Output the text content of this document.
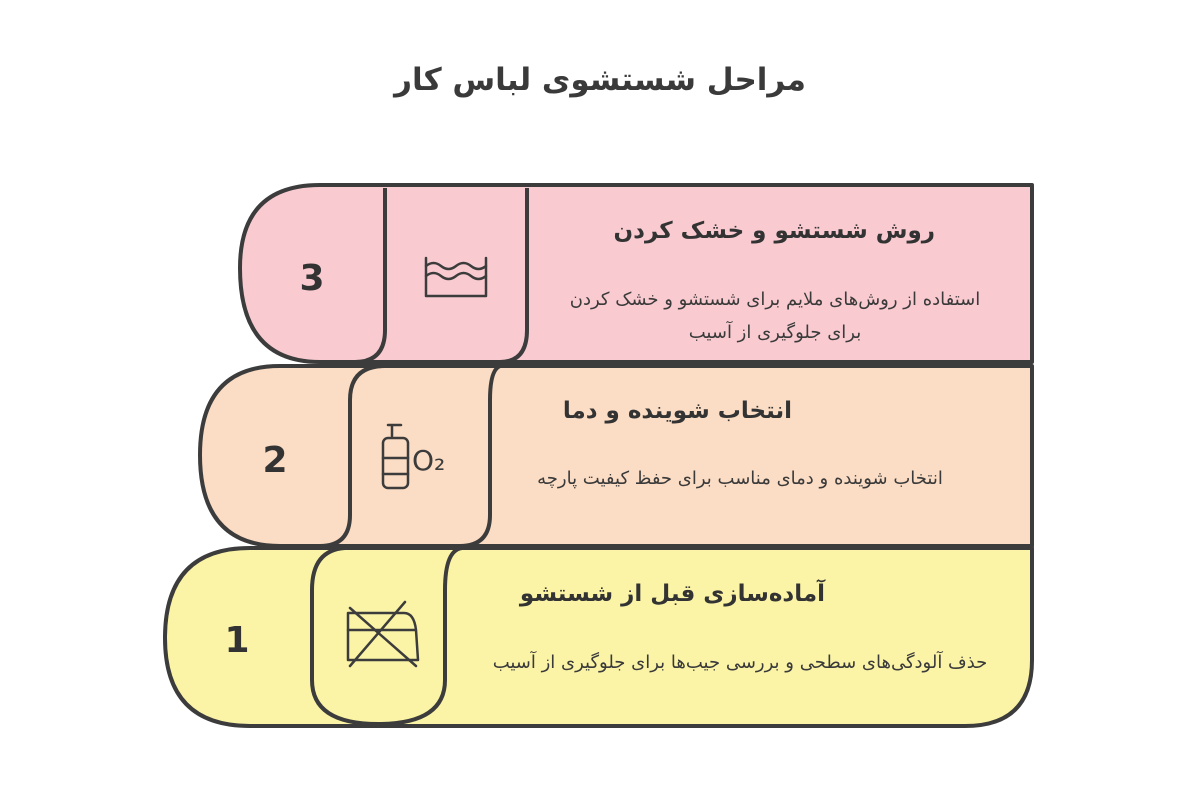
O₂
مراحل شستشوی لباس کار
3
روش شستشو و خشک کردن
استفاده از روش‌های ملایم برای شستشو و خشک کردن برای جلوگیری از آسیب
2
انتخاب شوینده و دما
انتخاب شوینده و دمای مناسب برای حفظ کیفیت پارچه
1
آماده‌سازی قبل از شستشو
حذف آلودگی‌های سطحی و بررسی جیب‌ها برای جلوگیری از آسیب
